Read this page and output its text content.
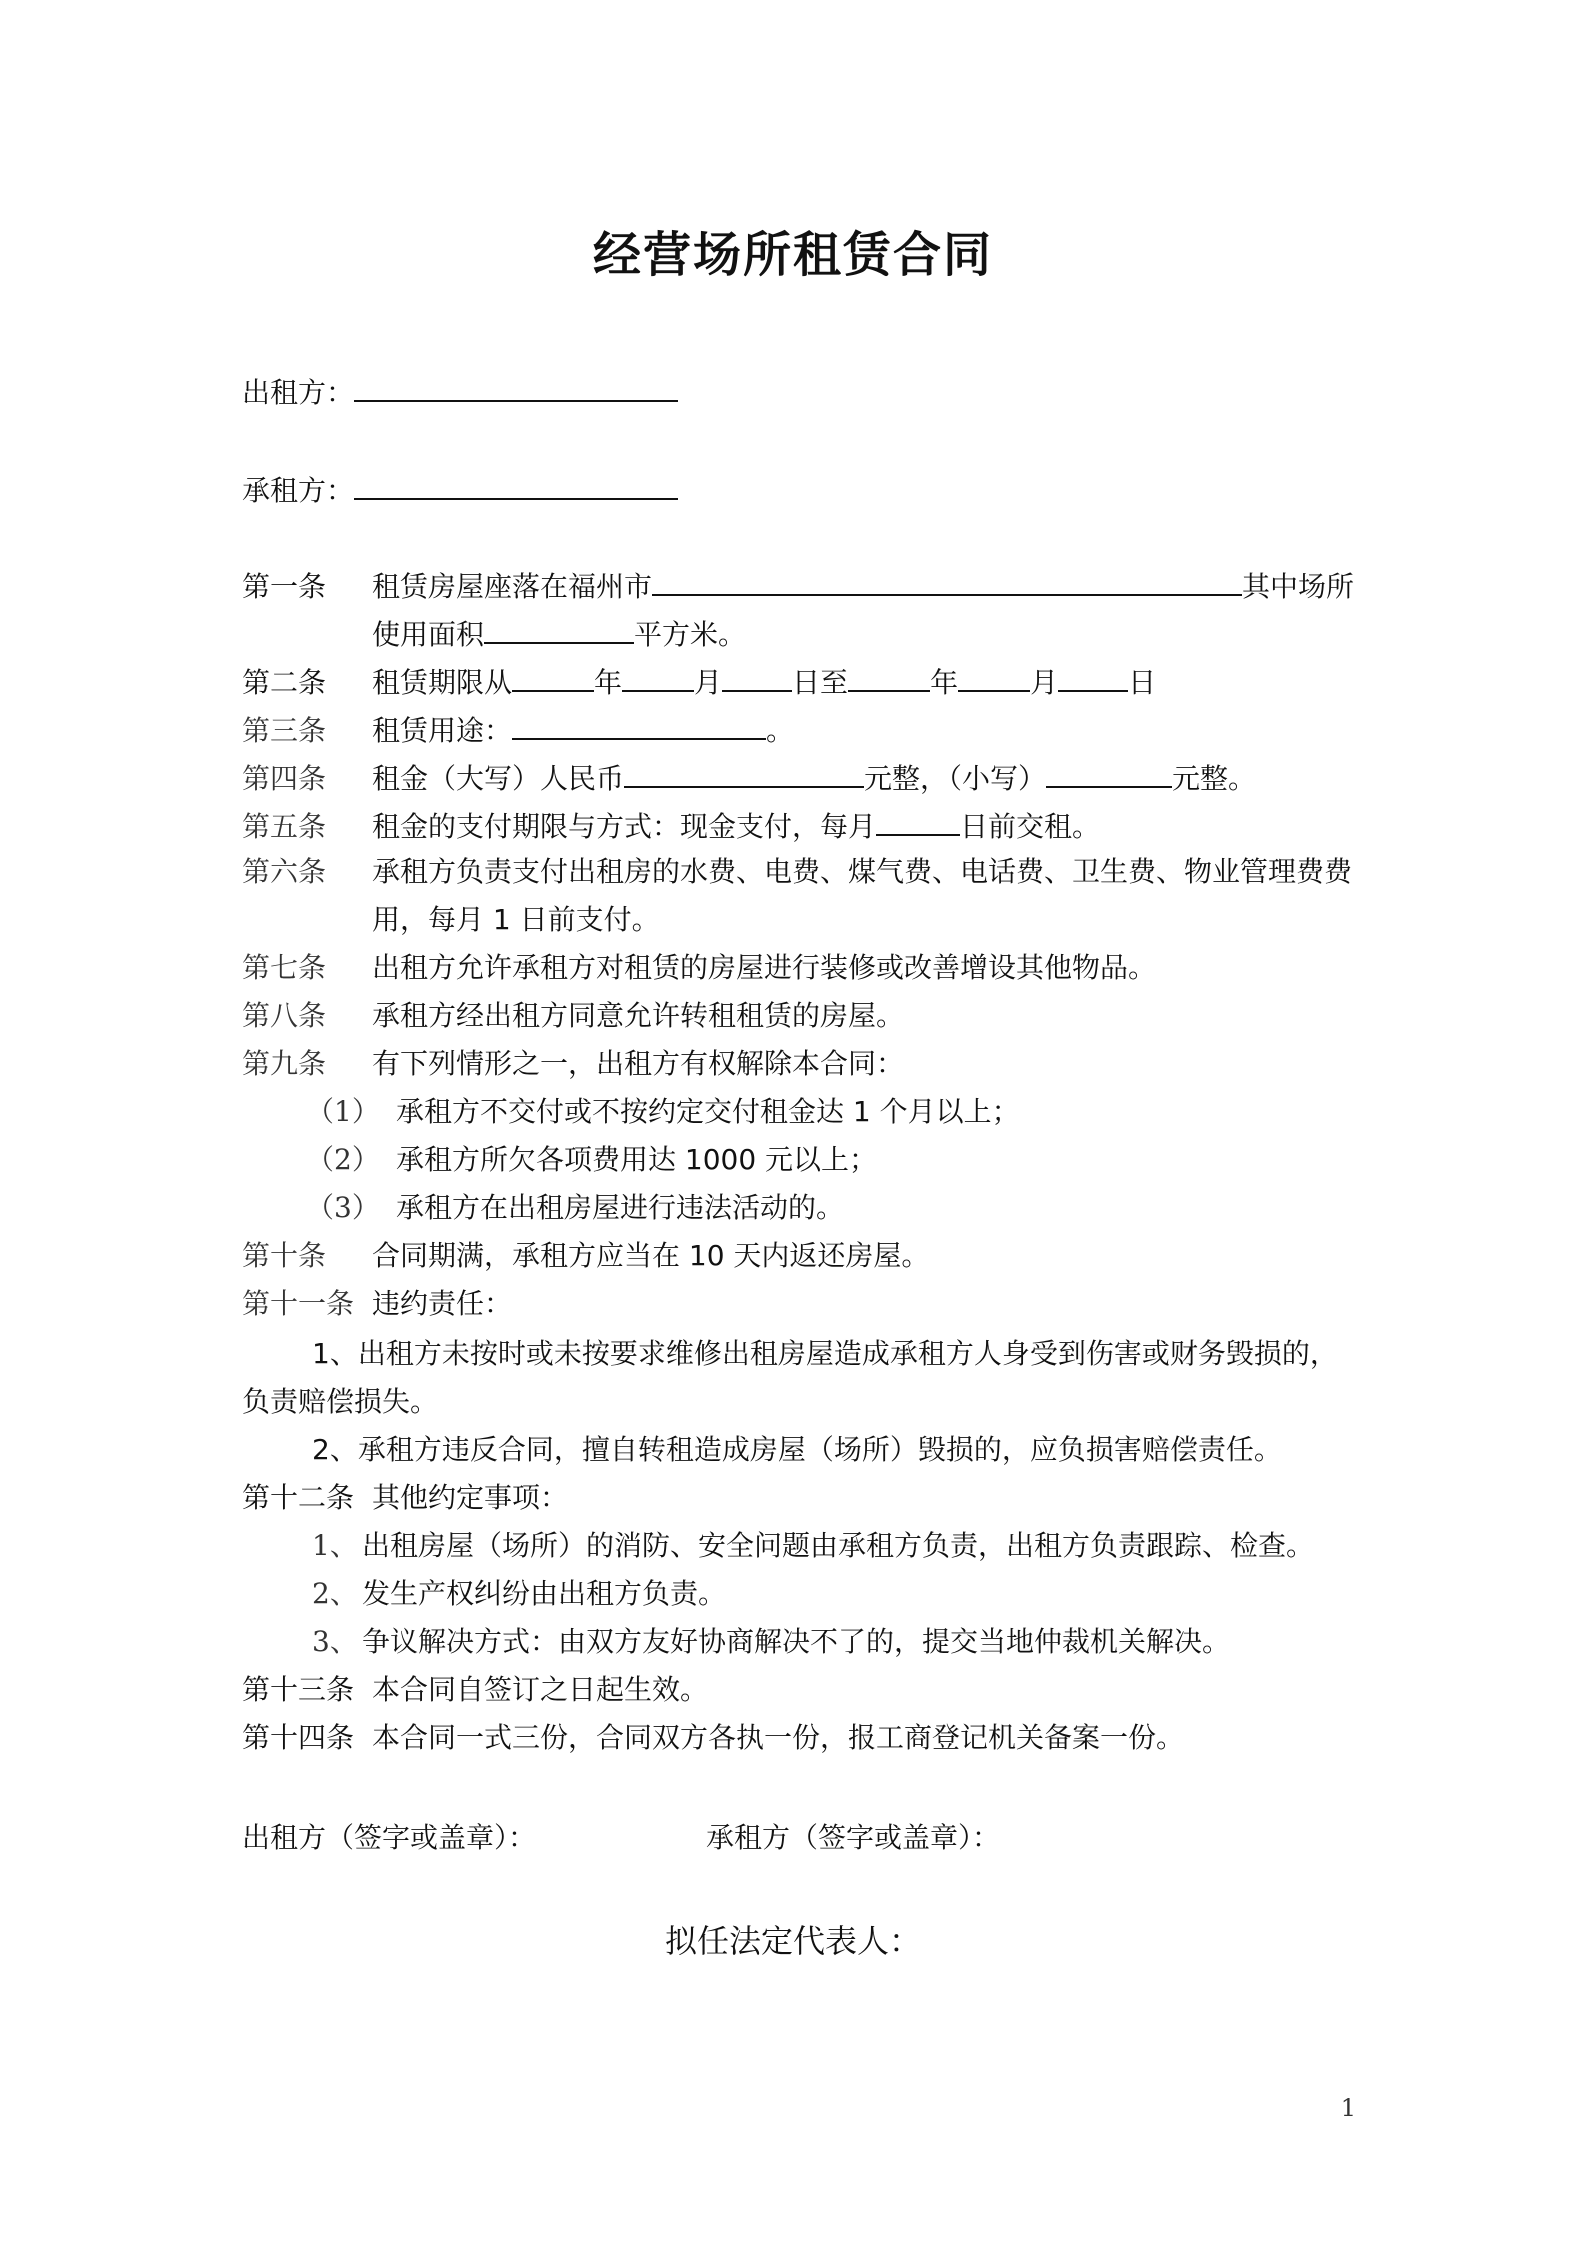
经营场所租赁合同
出租方：
承租方：
第一条 租赁房屋座落在福州市	其中场所
使用面积	平方米。
第二条 租赁期限从	年	月	日至	年	月	日
第三条 租赁用途：	。
第四条 租金（大写）人民币	元整，（小写）	元整。
第五条 租金的支付期限与方式：现金支付，每月	日前交租。
第六条 承租方负责支付出租房的水费、电费、煤气费、电话费、卫生费、物业管理费费
用，每月 1 日前支付。
第七条 出租方允许承租方对租赁的房屋进行装修或改善增设其他物品。
第八条 承租方经出租方同意允许转租租赁的房屋。
第九条 有下列情形之一，出租方有权解除本合同：
（1） 承租方不交付或不按约定交付租金达 1 个月以上；
（2） 承租方所欠各项费用达 1000 元以上；
（3） 承租方在出租房屋进行违法活动的。
第十条 合同期满，承租方应当在 10 天内返还房屋。
第十一条 违约责任：
1、出租方未按时或未按要求维修出租房屋造成承租方人身受到伤害或财务毁损的，
负责赔偿损失。
2、承租方违反合同，擅自转租造成房屋（场所）毁损的，应负损害赔偿责任。
第十二条 其他约定事项：
1、 出租房屋（场所）的消防、安全问题由承租方负责，出租方负责跟踪、检查。
2、 发生产权纠纷由出租方负责。
3、 争议解决方式：由双方友好协商解决不了的，提交当地仲裁机关解决。
第十三条 本合同自签订之日起生效。
第十四条 本合同一式三份，合同双方各执一份，报工商登记机关备案一份。
出租方（签字或盖章）：	承租方（签字或盖章）：
拟任法定代表人：
1
